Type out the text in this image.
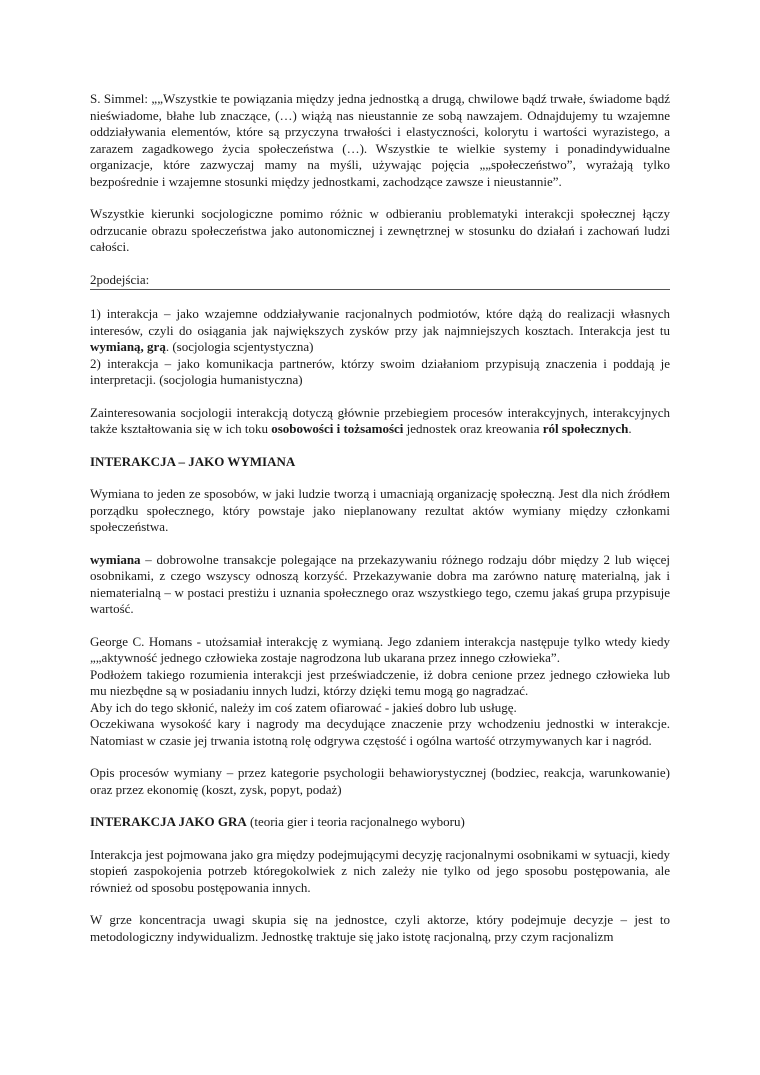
S. Simmel: „„Wszystkie te powiązania między jedna jednostką a drugą, chwilowe bądź trwałe, świadome bądź nieświadome, błahe lub znaczące, (…) wiążą nas nieustannie ze sobą nawzajem. Odnajdujemy tu wzajemne oddziaływania elementów, które są przyczyna trwałości i elastyczności, kolorytu i wartości wyrazistego, a zarazem zagadkowego życia społeczeństwa (…). Wszystkie te wielkie systemy i ponadindywidualne organizacje, które zazwyczaj mamy na myśli, używając pojęcia „„społeczeństwo”, wyrażają tylko bezpośrednie i wzajemne stosunki między jednostkami, zachodzące zawsze i nieustannie”.

Wszystkie kierunki socjologiczne pomimo różnic w odbieraniu problematyki interakcji społecznej łączy odrzucanie obrazu społeczeństwa jako autonomicznej i zewnętrznej w stosunku do działań i zachowań ludzi całości.

2podejścia:

1) interakcja – jako wzajemne oddziaływanie racjonalnych podmiotów, które dążą do realizacji własnych interesów, czyli do osiągania jak największych zysków przy jak najmniejszych kosztach. Interakcja jest tu wymianą, grą. (socjologia scjentystyczna)

2) interakcja – jako komunikacja partnerów, którzy swoim działaniom przypisują znaczenia i poddają je interpretacji. (socjologia humanistyczna)

Zainteresowania socjologii interakcją dotyczą głównie przebiegiem procesów interakcyjnych, interakcyjnych także kształtowania się w ich toku osobowości i tożsamości jednostek oraz kreowania ról społecznych.

INTERAKCJA – JAKO WYMIANA

Wymiana to jeden ze sposobów, w jaki ludzie tworzą i umacniają organizację społeczną. Jest dla nich źródłem porządku społecznego, który powstaje jako nieplanowany rezultat aktów wymiany między członkami społeczeństwa.

wymiana – dobrowolne transakcje polegające na przekazywaniu różnego rodzaju dóbr między 2 lub więcej osobnikami, z czego wszyscy odnoszą korzyść. Przekazywanie dobra ma zarówno naturę materialną, jak i niematerialną – w postaci prestiżu i uznania społecznego oraz wszystkiego tego, czemu jakaś grupa przypisuje wartość.

George C. Homans - utożsamiał interakcję z wymianą. Jego zdaniem interakcja następuje tylko wtedy kiedy „„aktywność jednego człowieka zostaje nagrodzona lub ukarana przez innego człowieka”.

Podłożem takiego rozumienia interakcji jest przeświadczenie, iż dobra cenione przez jednego człowieka lub mu niezbędne są w posiadaniu innych ludzi, którzy dzięki temu mogą go nagradzać.

Aby ich do tego skłonić, należy im coś zatem ofiarować - jakieś dobro lub usługę.

Oczekiwana wysokość kary i nagrody ma decydujące znaczenie przy wchodzeniu jednostki w interakcje. Natomiast w czasie jej trwania istotną rolę odgrywa częstość i ogólna wartość otrzymywanych kar i nagród.

Opis procesów wymiany – przez kategorie psychologii behawiorystycznej (bodziec, reakcja, warunkowanie) oraz przez ekonomię (koszt, zysk, popyt, podaż)

INTERAKCJA JAKO GRA (teoria gier i teoria racjonalnego wyboru)

Interakcja jest pojmowana jako gra między podejmującymi decyzję racjonalnymi osobnikami w sytuacji, kiedy stopień zaspokojenia potrzeb któregokolwiek z nich zależy nie tylko od jego sposobu postępowania, ale również od sposobu postępowania innych.

W grze koncentracja uwagi skupia się na jednostce, czyli aktorze, który podejmuje decyzje – jest to metodologiczny indywidualizm. Jednostkę traktuje się jako istotę racjonalną, przy czym racjonalizm
